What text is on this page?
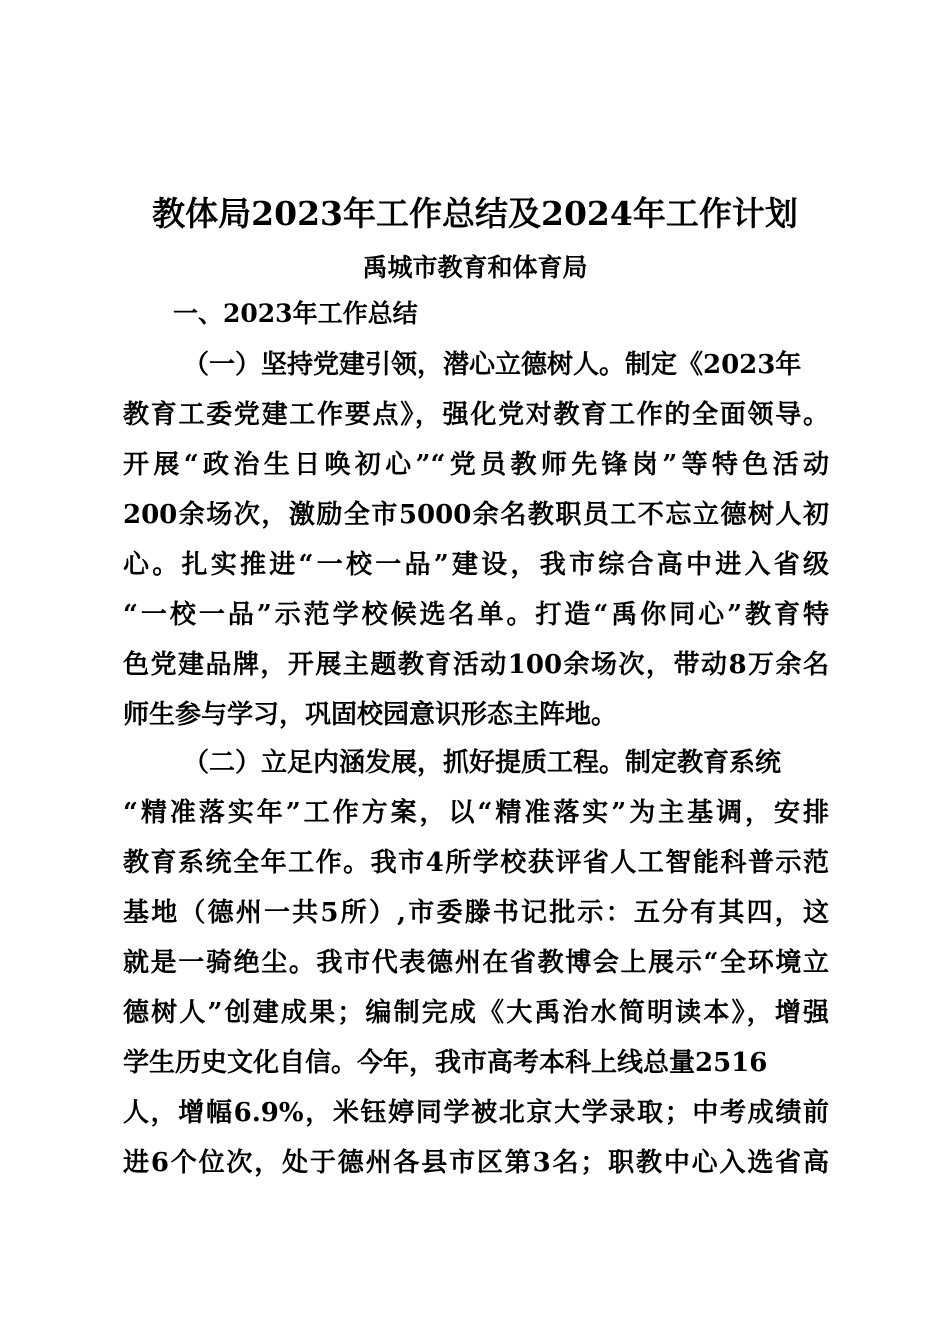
教体局2023年工作总结及2024年工作计划
禹城市教育和体育局
一、2023年工作总结
（一）坚持党建引领，潜心立德树人。制定《2023年
教育工委党建工作要点》，强化党对教育工作的全面领导。
开展“政治生日唤初心”“党员教师先锋岗”等特色活动
200余场次，激励全市5000余名教职员工不忘立德树人初
心。扎实推进“一校一品”建设，我市综合高中进入省级
“一校一品”示范学校候选名单。打造“禹你同心”教育特
色党建品牌，开展主题教育活动100余场次，带动8万余名
师生参与学习，巩固校园意识形态主阵地。
（二）立足内涵发展，抓好提质工程。制定教育系统
“精准落实年”工作方案，以“精准落实”为主基调，安排
教育系统全年工作。我市4所学校获评省人工智能科普示范
基地（德州一共5所）,市委滕书记批示：五分有其四，这
就是一骑绝尘。我市代表德州在省教博会上展示“全环境立
德树人”创建成果；编制完成《大禹治水简明读本》，增强
学生历史文化自信。今年，我市高考本科上线总量2516
人，增幅6.9%，米钰婷同学被北京大学录取；中考成绩前
进6个位次，处于德州各县市区第3名；职教中心入选省高
